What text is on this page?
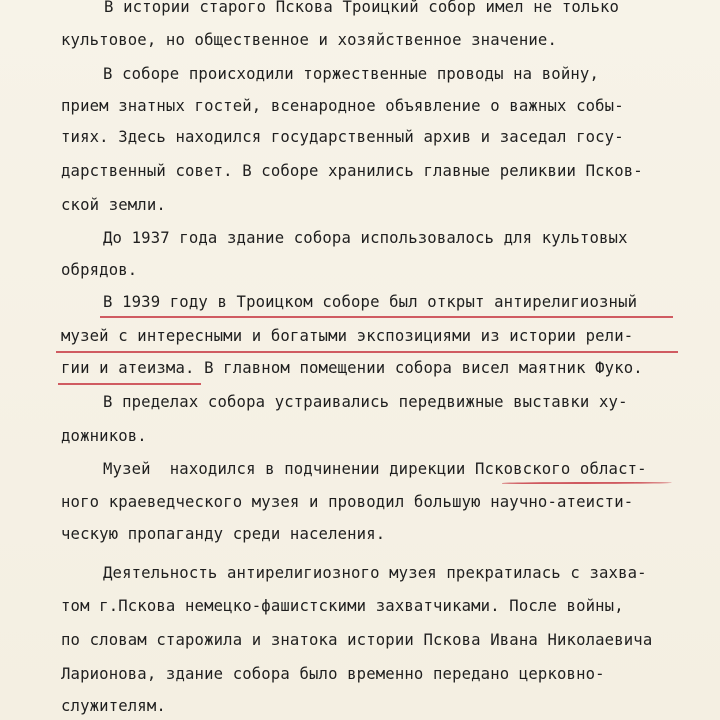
В истории старого Пскова Троицкий собор имел не только
культовое, но общественное и хозяйственное значение.
В соборе происходили торжественные проводы на войну,
прием знатных гостей, всенародное объявление о важных собы-
тиях. Здесь находился государственный архив и заседал госу-
дарственный совет. В соборе хранились главные реликвии Псков-
ской земли.
До 1937 года здание собора использовалось для культовых
обрядов.
В 1939 году в Троицком соборе был открыт антирелигиозный
музей с интересными и богатыми экспозициями из истории рели-
гии и атеизма. В главном помещении собора висел маятник Фуко.
В пределах собора устраивались передвижные выставки ху-
дожников.
Музей  находился в подчинении дирекции Псковского област-
ного краеведческого музея и проводил большую научно-атеисти-
ческую пропаганду среди населения.
Деятельность антирелигиозного музея прекратилась с захва-
том г.Пскова немецко-фашистскими захватчиками. После войны,
по словам старожила и знатока истории Пскова Ивана Николаевича
Ларионова, здание собора было временно передано церковно-
служителям.
